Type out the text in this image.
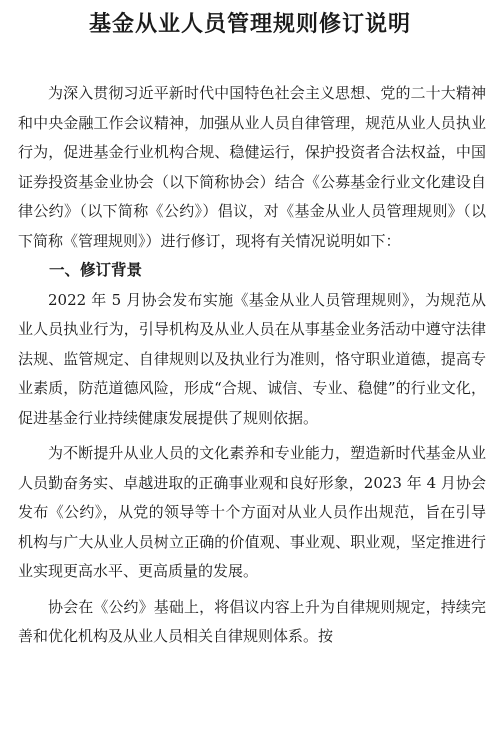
基金从业人员管理规则修订说明

为深入贯彻习近平新时代中国特色社会主义思想、党的二十大精神和中央金融工作会议精神，加强从业人员自律管理，规范从业人员执业行为，促进基金行业机构合规、稳健运行，保护投资者合法权益，中国证券投资基金业协会（以下简称协会）结合《公募基金行业文化建设自律公约》（以下简称《公约》）倡议，对《基金从业人员管理规则》（以下简称《管理规则》）进行修订，现将有关情况说明如下：

一、修订背景

2022 年 5 月协会发布实施《基金从业人员管理规则》，为规范从业人员执业行为，引导机构及从业人员在从事基金业务活动中遵守法律法规、监管规定、自律规则以及执业行为准则，恪守职业道德，提高专业素质，防范道德风险，形成“合规、诚信、专业、稳健”的行业文化，促进基金行业持续健康发展提供了规则依据。

为不断提升从业人员的文化素养和专业能力，塑造新时代基金从业人员勤奋务实、卓越进取的正确事业观和良好形象，2023 年 4 月协会发布《公约》，从党的领导等十个方面对从业人员作出规范，旨在引导机构与广大从业人员树立正确的价值观、事业观、职业观，坚定推进行业实现更高水平、更高质量的发展。

协会在《公约》基础上，将倡议内容上升为自律规则规定，持续完善和优化机构及从业人员相关自律规则体系。按
